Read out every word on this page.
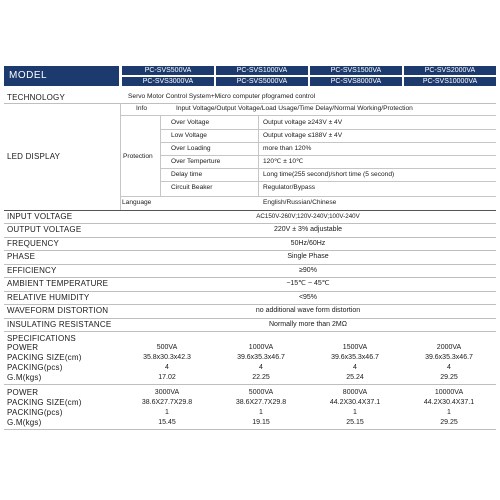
MODEL	PC-SVS500VA	PC-SVS1000VA	PC-SVS1500VA	PC-SVS2000VA
PC-SVS3000VA	PC-SVS5000VA	PC-SVS8000VA	PC-SVS10000VA
TECHNOLOGY	Servo Motor Control System+Micro computer pfogramed control
LED DISPLAY
Info	Input Voltage/Output Voltage/Load Usage/Time Delay/Normal Working/Protection
Protection
Over Voltage	Output voltage ≥243V ± 4V
Low Voltage	Output voltage ≤188V ± 4V
Over Loading	more than 120%
Over Temperture	120℃ ± 10℃
Delay time	Long time(255 second)/short time (5 second)
Circuit Beaker	Regulator/Bypass
Language	English/Russian/Chinese
INPUT VOLTAGE	AC150V-260V;120V-240V;100V-240V
OUTPUT VOLTAGE	220V ± 3% adjustable
FREQUENCY	50Hz/60Hz
PHASE	Single Phase
EFFICIENCY	≥90%
AMBIENT TEMPERATURE	−15℃ ~ 45℃
RELATIVE HUMIDITY	<95%
WAVEFORM DISTORTION	no additional wave form distortion
INSULATING RESISTANCE	Normally more than 2MΩ
SPECIFICATIONS
POWER	500VA	1000VA	1500VA	2000VA
PACKING SIZE(cm)	35.8x30.3x42.3	39.6x35.3x46.7	39.6x35.3x46.7	39.6x35.3x46.7
PACKING(pcs)	4	4	4	4
G.M(kgs)	17.02	22.25	25.24	29.25
POWER	3000VA	5000VA	8000VA	10000VA
PACKING SIZE(cm)	38.6X27.7X29.8	38.6X27.7X29.8	44.2X30.4X37.1	44.2X30.4X37.1
PACKING(pcs)	1	1	1	1
G.M(kgs)	15.45	19.15	25.15	29.25
